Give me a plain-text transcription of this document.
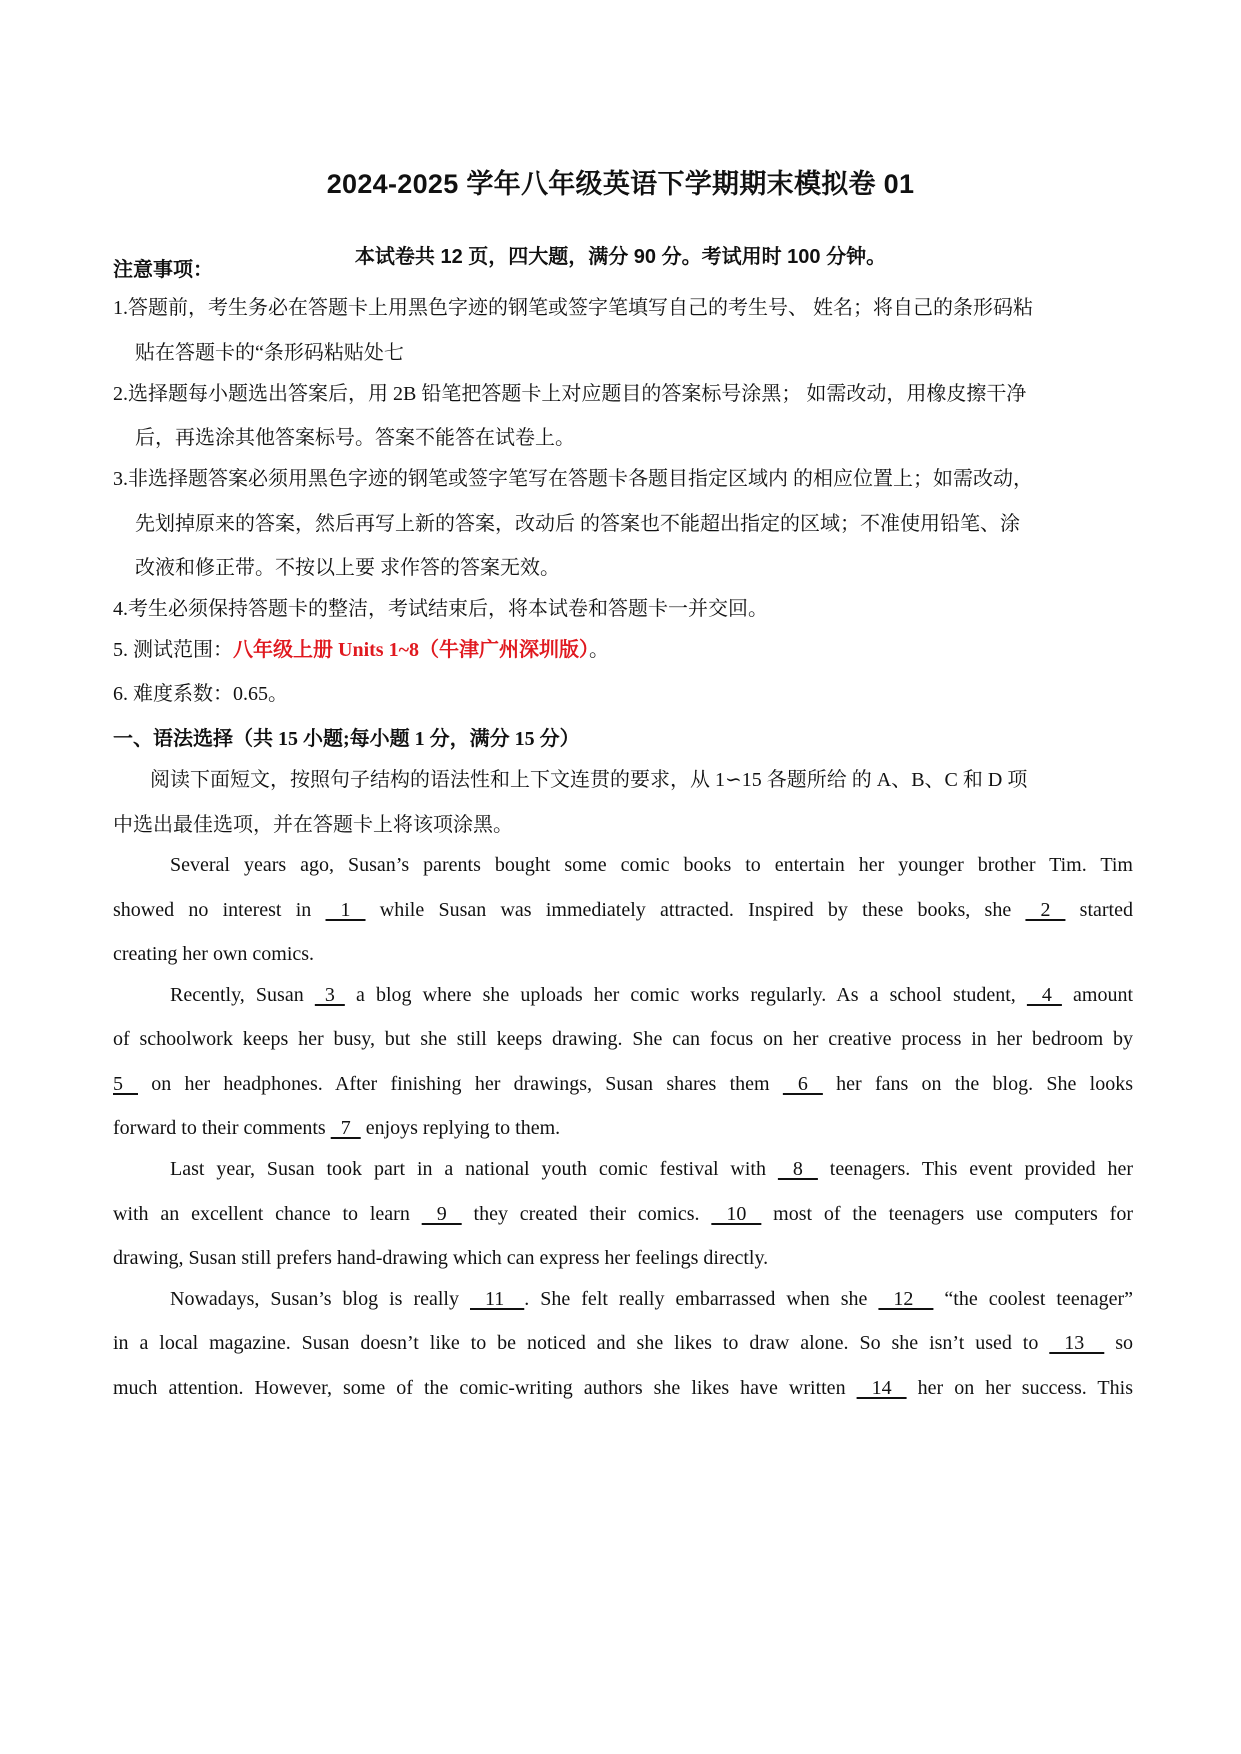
2024-2025 学年八年级英语下学期期末模拟卷 01
本试卷共 12 页，四大题，满分 90 分。考试用时 100 分钟。
注意事项：
1.答题前，考生务必在答题卡上用黑色字迹的钢笔或签字笔填写自己的考生号、 姓名；将自己的条形码粘
贴在答题卡的“条形码粘贴处七
2.选择题每小题选出答案后，用 2B 铅笔把答题卡上对应题目的答案标号涂黑； 如需改动，用橡皮擦干净
后，再选涂其他答案标号。答案不能答在试卷上。
3.非选择题答案必须用黑色字迹的钢笔或签字笔写在答题卡各题目指定区域内 的相应位置上；如需改动，
先划掉原来的答案，然后再写上新的答案，改动后 的答案也不能超出指定的区域；不准使用铅笔、涂
改液和修正带。不按以上要 求作答的答案无效。
4.考生必须保持答题卡的整洁，考试结束后，将本试卷和答题卡一并交回。
5. 测试范围：八年级上册 Units 1~8（牛津广州深圳版）。
6. 难度系数：0.65。
一、语法选择（共 15 小题;每小题 1 分，满分 15 分）
阅读下面短文，按照句子结构的语法性和上下文连贯的要求，从 1∽15 各题所给 的 A、B、C 和 D 项
中选出最佳选项，并在答题卡上将该项涂黑。
Several years ago, Susan’s parents bought some comic books to entertain her younger brother Tim. Tim
showed no interest in    1    while Susan was immediately attracted. Inspired by these books, she    2    started
creating her own comics.
Recently, Susan   3   a blog where she uploads her comic works regularly. As a school student,    4   amount
of schoolwork keeps her busy, but she still keeps drawing. She can focus on her creative process in her bedroom by
5    on her headphones. After finishing her drawings, Susan shares them    6    her fans on the blog. She looks
forward to their comments   7   enjoys replying to them.
Last year, Susan took part in a national youth comic festival with    8    teenagers. This event provided her
with an excellent chance to learn    9    they created their comics.    10    most of the teenagers use computers for
drawing, Susan still prefers hand-drawing which can express her feelings directly.
Nowadays, Susan’s blog is really    11    . She felt really embarrassed when she    12     “the coolest teenager”
in a local magazine. Susan doesn’t like to be noticed and she likes to draw alone. So she isn’t used to    13     so
much attention. However, some of the comic-writing authors she likes have written    14    her on her success. This
